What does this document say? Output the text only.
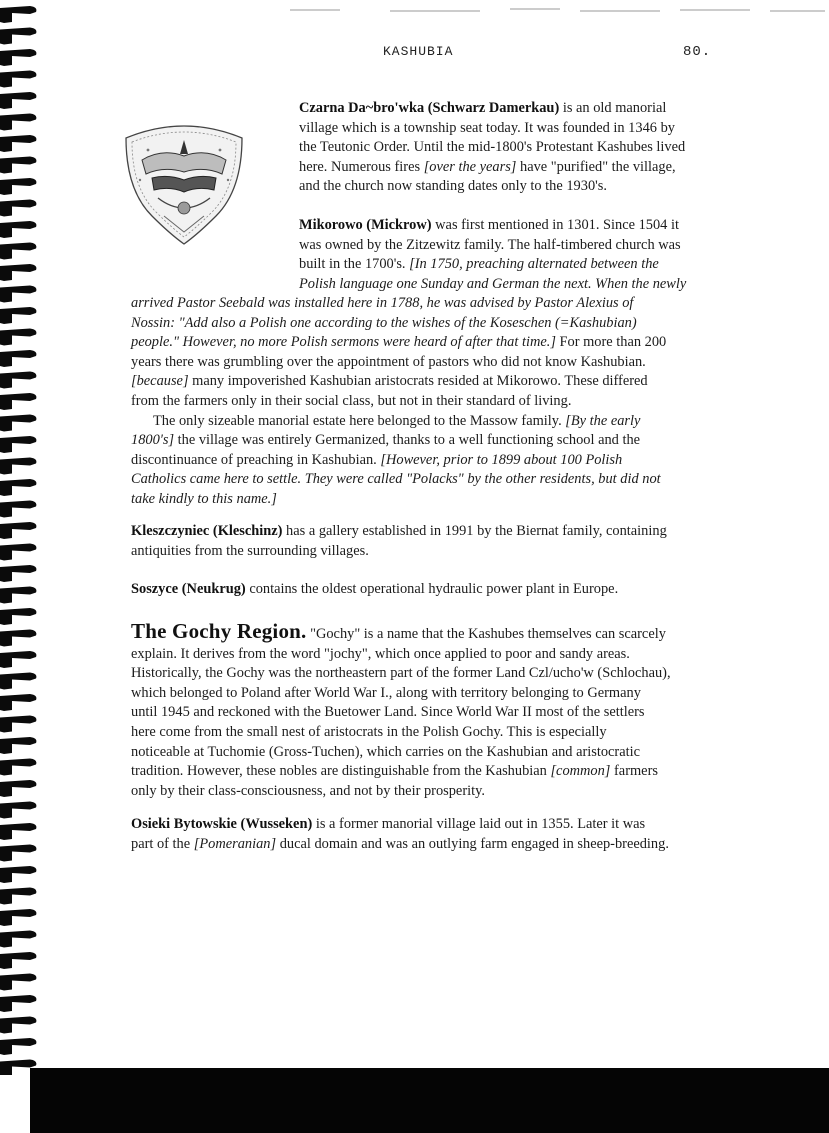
KASHUBIA	80.

Czarna Da~bro'wka (Schwarz Damerkau) is an old manorial
village which is a township seat today. It was founded in 1346 by
the Teutonic Order. Until the mid-1800's Protestant Kashubes lived
here. Numerous fires [over the years] have "purified" the village,
and the church now standing dates only to the 1930's.

Mikorowo (Mickrow) was first mentioned in 1301. Since 1504 it
was owned by the Zitzewitz family. The half-timbered church was
built in the 1700's. [In 1750, preaching alternated between the
Polish language one Sunday and German the next. When the newly

arrived Pastor Seebald was installed here in 1788, he was advised by Pastor Alexius of
Nossin: "Add also a Polish one according to the wishes of the Koseschen (=Kashubian)
people." However, no more Polish sermons were heard of after that time.] For more than 200
years there was grumbling over the appointment of pastors who did not know Kashubian.
[because] many impoverished Kashubian aristocrats resided at Mikorowo. These differed
from the farmers only in their social class, but not in their standard of living.
The only sizeable manorial estate here belonged to the Massow family. [By the early
1800's] the village was entirely Germanized, thanks to a well functioning school and the
discontinuance of preaching in Kashubian. [However, prior to 1899 about 100 Polish
Catholics came here to settle. They were called "Polacks" by the other residents, but did not
take kindly to this name.]

Kleszczyniec (Kleschinz) has a gallery established in 1991 by the Biernat family, containing
antiquities from the surrounding villages.

Soszyce (Neukrug) contains the oldest operational hydraulic power plant in Europe.

The Gochy Region. "Gochy" is a name that the Kashubes themselves can scarcely
explain. It derives from the word "jochy", which once applied to poor and sandy areas.
Historically, the Gochy was the northeastern part of the former Land Czl/ucho'w (Schlochau),
which belonged to Poland after World War I., along with territory belonging to Germany
until 1945 and reckoned with the Buetower Land. Since World War II most of the settlers
here come from the small nest of aristocrats in the Polish Gochy. This is especially
noticeable at Tuchomie (Gross-Tuchen), which carries on the Kashubian and aristocratic
tradition. However, these nobles are distinguishable from the Kashubian [common] farmers
only by their class-consciousness, and not by their prosperity.

Osieki Bytowskie (Wusseken) is a former manorial village laid out in 1355. Later it was
part of the [Pomeranian] ducal domain and was an outlying farm engaged in sheep-breeding.
